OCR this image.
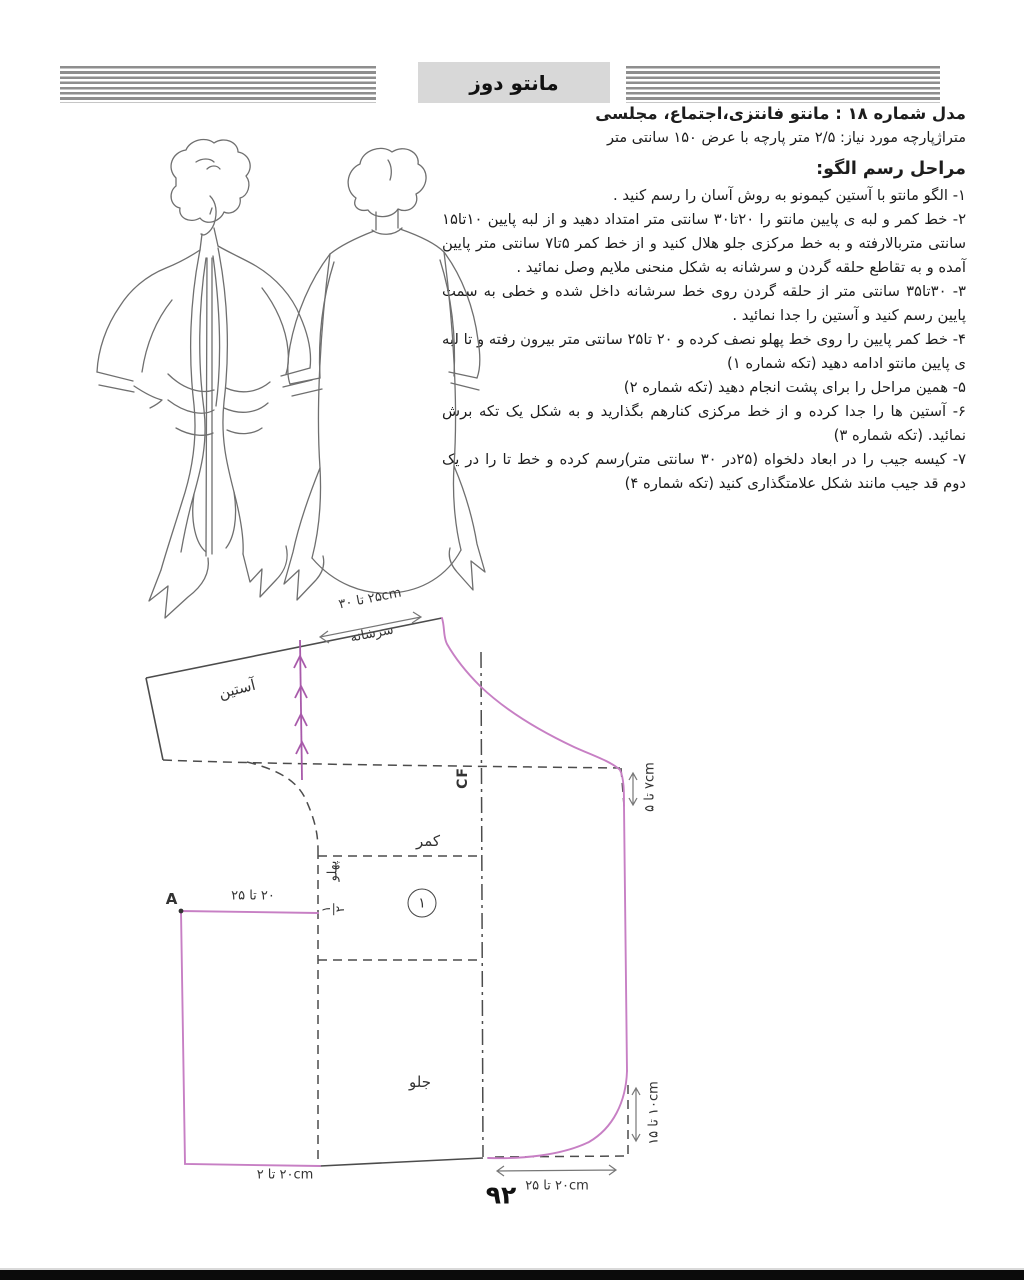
مانتو دوز
مدل شماره ۱۸ : مانتو فانتزی،اجتماع، مجلسی

متراژپارچه مورد نیاز: ۲/۵ متر پارچه با عرض ۱۵۰ سانتی متر

مراحل رسم الگو:

۱- الگو مانتو با آستین کیمونو به روش آسان را رسم کنید .

۲- خط کمر و لبه ی پایین مانتو را ۲۰تا۳۰ سانتی متر امتداد دهید و از لبه پایین ۱۰تا۱۵ سانتی متربالارفته و به خط مرکزی جلو هلال کنید و از خط کمر ۵تا۷ سانتی متر پایین آمده و به تقاطع حلقه گردن و سرشانه به شکل منحنی ملایم وصل نمائید .

۳- ۳۰تا۳۵ سانتی متر از حلقه گردن روی خط سرشانه داخل شده و خطی به سمت پایین رسم کنید و آستین را جدا نمائید .

۴- خط کمر پایین را روی خط پهلو نصف کرده و ۲۰ تا۲۵ سانتی متر بیرون رفته و تا لبه ی پایین مانتو ادامه دهید (تکه شماره ۱)

۵- همین مراحل را برای پشت انجام دهید (تکه شماره ۲)

۶- آستین ها را جدا کرده و از خط مرکزی کنارهم بگذارید و به شکل یک تکه برش نمائید. (تکه شماره ۳)

۷- کیسه جیب را در ابعاد دلخواه (۲۵در ۳۰ سانتی متر)رسم کرده و خط تا را در یک دوم قد جیب مانند شکل علامتگذاری کنید (تکه شماره ۴)

۲۵cm تا ۳۰
سرشانه
آستین
CF
کمر
پهلو
۱ ۲	۱
A	۲۰ تا ۲۵
جلو
۷cm تا ۵
۱۰cm تا ۱۵
۲۰cm تا ۲
۲۰cm تا ۲۵
۹۲
